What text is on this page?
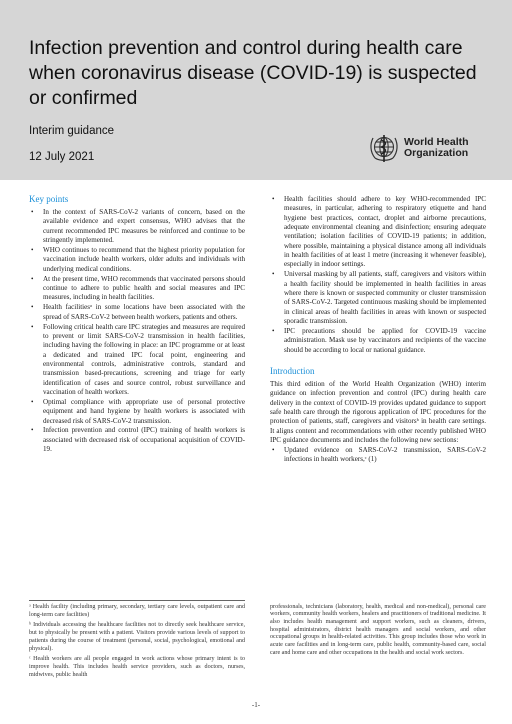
Infection prevention and control during health care when coronavirus disease (COVID-19) is suspected or confirmed
Interim guidance
12 July 2021
World Health
Organization
Key points
• In the context of SARS-CoV-2 variants of concern, based on the available evidence and expert consensus, WHO advises that the current recommended IPC measures be reinforced and continue to be stringently implemented.
• WHO continues to recommend that the highest priority population for vaccination include health workers, older adults and individuals with underlying medical conditions.
• At the present time, WHO recommends that vaccinated persons should continue to adhere to public health and social measures and IPC measures, including in health facilities.
• Health facilitiesᵃ in some locations have been associated with the spread of SARS-CoV-2 between health workers, patients and others.
• Following critical health care IPC strategies and measures are required to prevent or limit SARS-CoV-2 transmission in health facilities, including having the following in place: an IPC programme or at least a dedicated and trained IPC focal point, engineering and environmental controls, administrative controls, standard and transmission based-precautions, screening and triage for early identification of cases and source control, robust surveillance and vaccination of health workers.
• Optimal compliance with appropriate use of personal protective equipment and hand hygiene by health workers is associated with decreased risk of SARS-CoV-2 transmission.
• Infection prevention and control (IPC) training of health workers is associated with decreased risk of occupational acquisition of COVID-19.
• Health facilities should adhere to key WHO-recommended IPC measures, in particular, adhering to respiratory etiquette and hand hygiene best practices, contact, droplet and airborne precautions, adequate environmental cleaning and disinfection; ensuring adequate ventilation; isolation facilities of COVID-19 patients; in addition, where possible, maintaining a physical distance among all individuals in health facilities of at least 1 metre (increasing it whenever feasible), especially in indoor settings.
• Universal masking by all patients, staff, caregivers and visitors within a health facility should be implemented in health facilities in areas where there is known or suspected community or cluster transmission of SARS-CoV-2. Targeted continuous masking should be implemented in clinical areas of health facilities in areas with known or suspected sporadic transmission.
• IPC precautions should be applied for COVID-19 vaccine administration. Mask use by vaccinators and recipients of the vaccine should be according to local or national guidance.
Introduction
This third edition of the World Health Organization (WHO) interim guidance on infection prevention and control (IPC) during health care delivery in the context of COVID-19 provides updated guidance to support safe health care through the rigorous application of IPC procedures for the protection of patients, staff, caregivers and visitorsᵇ in health care settings. It aligns content and recommendations with other recently published WHO IPC guidance documents and includes the following new sections:
• Updated evidence on SARS-CoV-2 transmission, SARS-CoV-2 infections in health workers,ᶜ (1)
ᵃ Health facility (including primary, secondary, tertiary care levels, outpatient care and long-term care facilities)
ᵇ Individuals accessing the healthcare facilities not to directly seek healthcare service, but to physically be present with a patient. Visitors provide various levels of support to patients during the course of treatment (personal, social, psychological, emotional and physical).
ᶜ Health workers are all people engaged in work actions whose primary intent is to improve health. This includes health service providers, such as doctors, nurses, midwives, public health
professionals, technicians (laboratory, health, medical and non-medical), personal care workers, community health workers, healers and practitioners of traditional medicine. It also includes health management and support workers, such as cleaners, drivers, hospital administrators, district health managers and social workers, and other occupational groups in health-related activities. This group includes those who work in acute care facilities and in long-term care, public health, community-based care, social care and home care and other occupations in the health and social work sectors.
-1-
